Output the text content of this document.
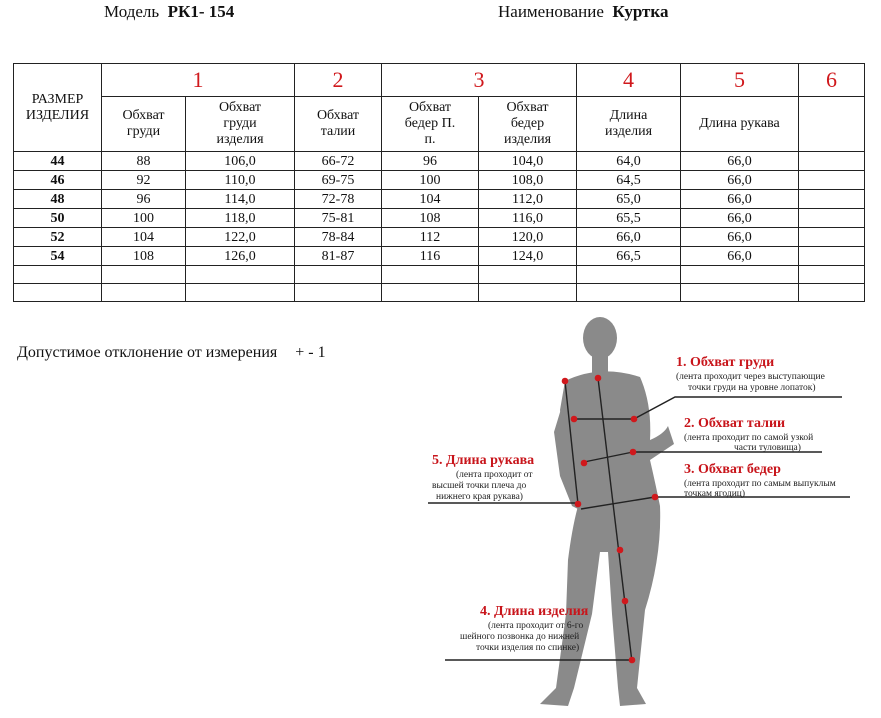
Модель РК1- 154	Наименование Куртка
РАЗМЕР ИЗДЕЛИЯ	1		2	3		4	5	6

	Обхват груди	Обхват груди изделия	Обхват талии	Обхват бедер П. п.	Обхват бедер изделия	Длина изделия	Длина рукава	

44	88	106,0	66-72	96	104,0	64,0	66,0	
46	92	110,0	69-75	100	108,0	64,5	66,0	
48	96	114,0	72-78	104	112,0	65,0	66,0	
50	100	118,0	75-81	108	116,0	65,5	66,0	
52	104	122,0	78-84	112	120,0	66,0	66,0	
54	108	126,0	81-87	116	124,0	66,5	66,0	

Допустимое отклонение от измерения + - 1
1. Обхват груди
(лента проходит через выступающие
точки груди на уровне лопаток)
2. Обхват талии
(лента проходит по самой узкой
части туловища)
3. Обхват бедер
(лента проходит по самым выпуклым
точкам ягодиц)
5. Длина рукава
(лента проходит от
высшей точки плеча до
нижнего края рукава)
4. Длина изделия
(лента проходит от 6-го
шейного позвонка до нижней
точки изделия по спинке)
